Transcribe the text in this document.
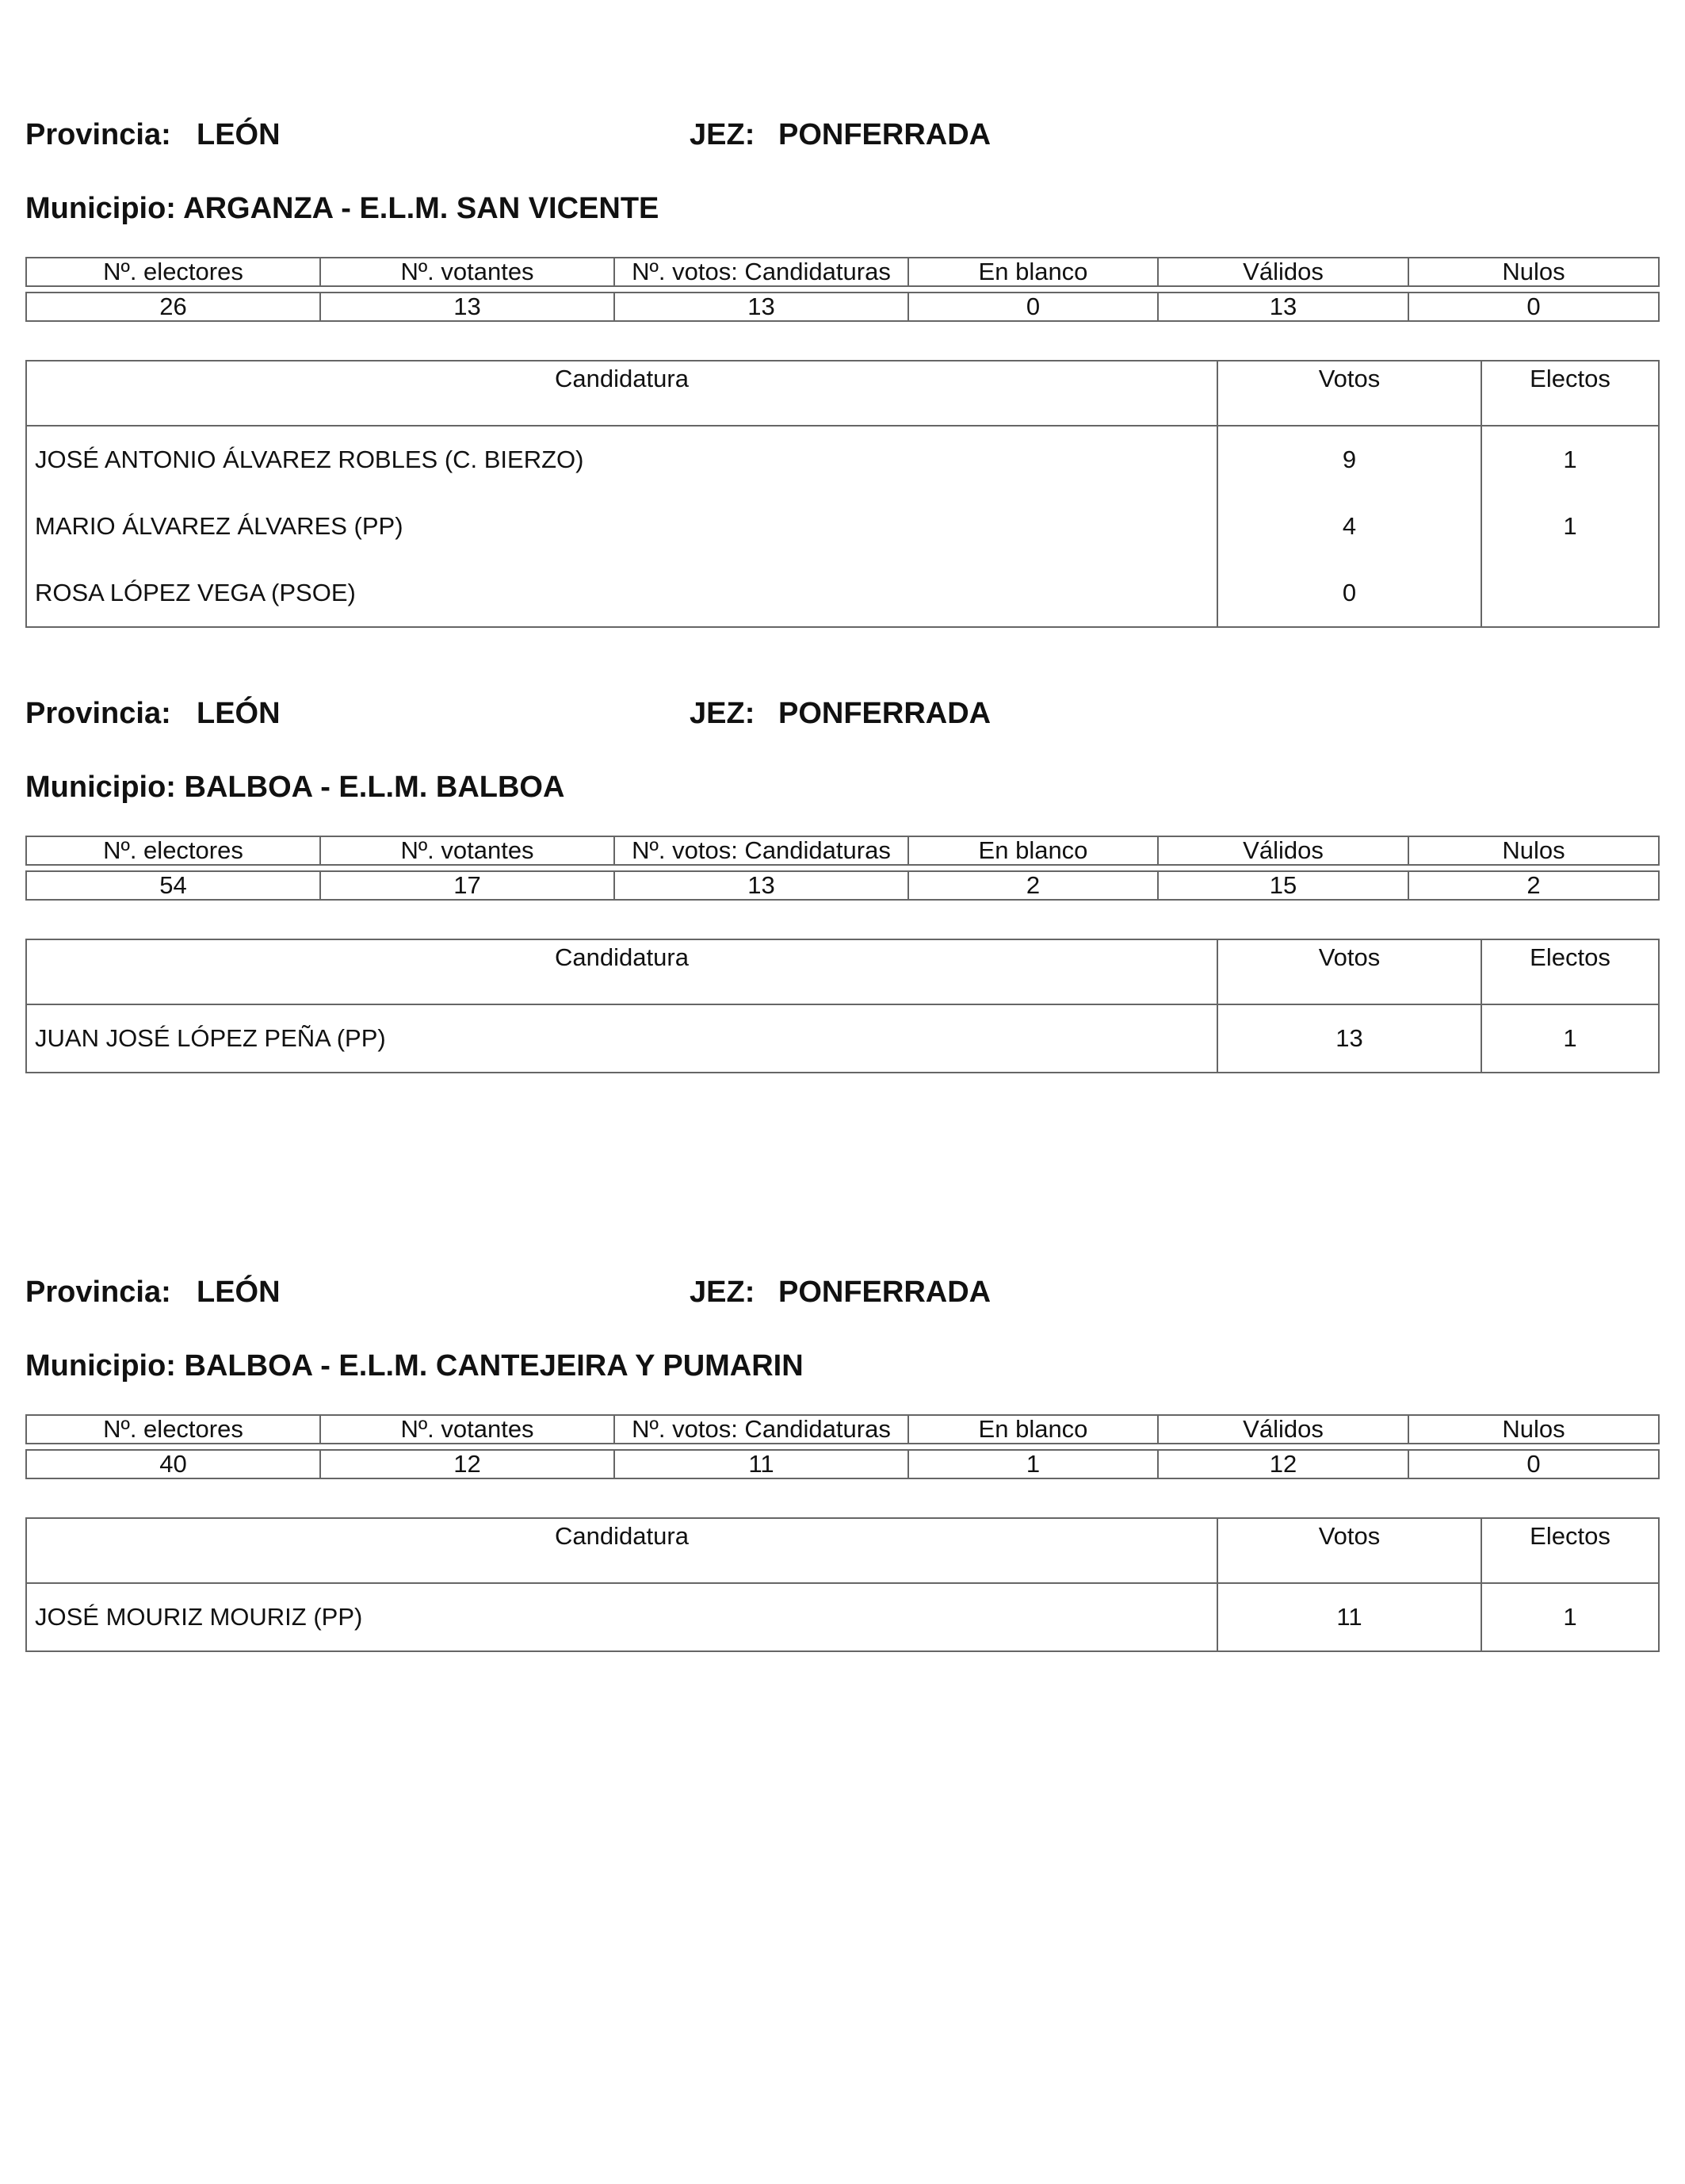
Provincia: LEÓN	JEZ: PONFERRADA
Municipio: ARGANZA - E.L.M. SAN VICENTE
Nº. electores	Nº. votantes	Nº. votos: Candidaturas	En blanco	Válidos	Nulos

26	13	13	0	13	0
Candidatura	Votos	Electos
JOSÉ ANTONIO ÁLVAREZ ROBLES (C. BIERZO)	9	1
MARIO ÁLVAREZ ÁLVARES (PP)	4	1
ROSA LÓPEZ VEGA (PSOE)	0	
Provincia: LEÓN	JEZ: PONFERRADA
Municipio: BALBOA - E.L.M. BALBOA
Nº. electores	Nº. votantes	Nº. votos: Candidaturas	En blanco	Válidos	Nulos

54	17	13	2	15	2
Candidatura	Votos	Electos
JUAN JOSÉ LÓPEZ PEÑA (PP)	13	1
Provincia: LEÓN	JEZ: PONFERRADA
Municipio: BALBOA - E.L.M. CANTEJEIRA Y PUMARIN
Nº. electores	Nº. votantes	Nº. votos: Candidaturas	En blanco	Válidos	Nulos

40	12	11	1	12	0
Candidatura	Votos	Electos
JOSÉ MOURIZ MOURIZ (PP)	11	1
